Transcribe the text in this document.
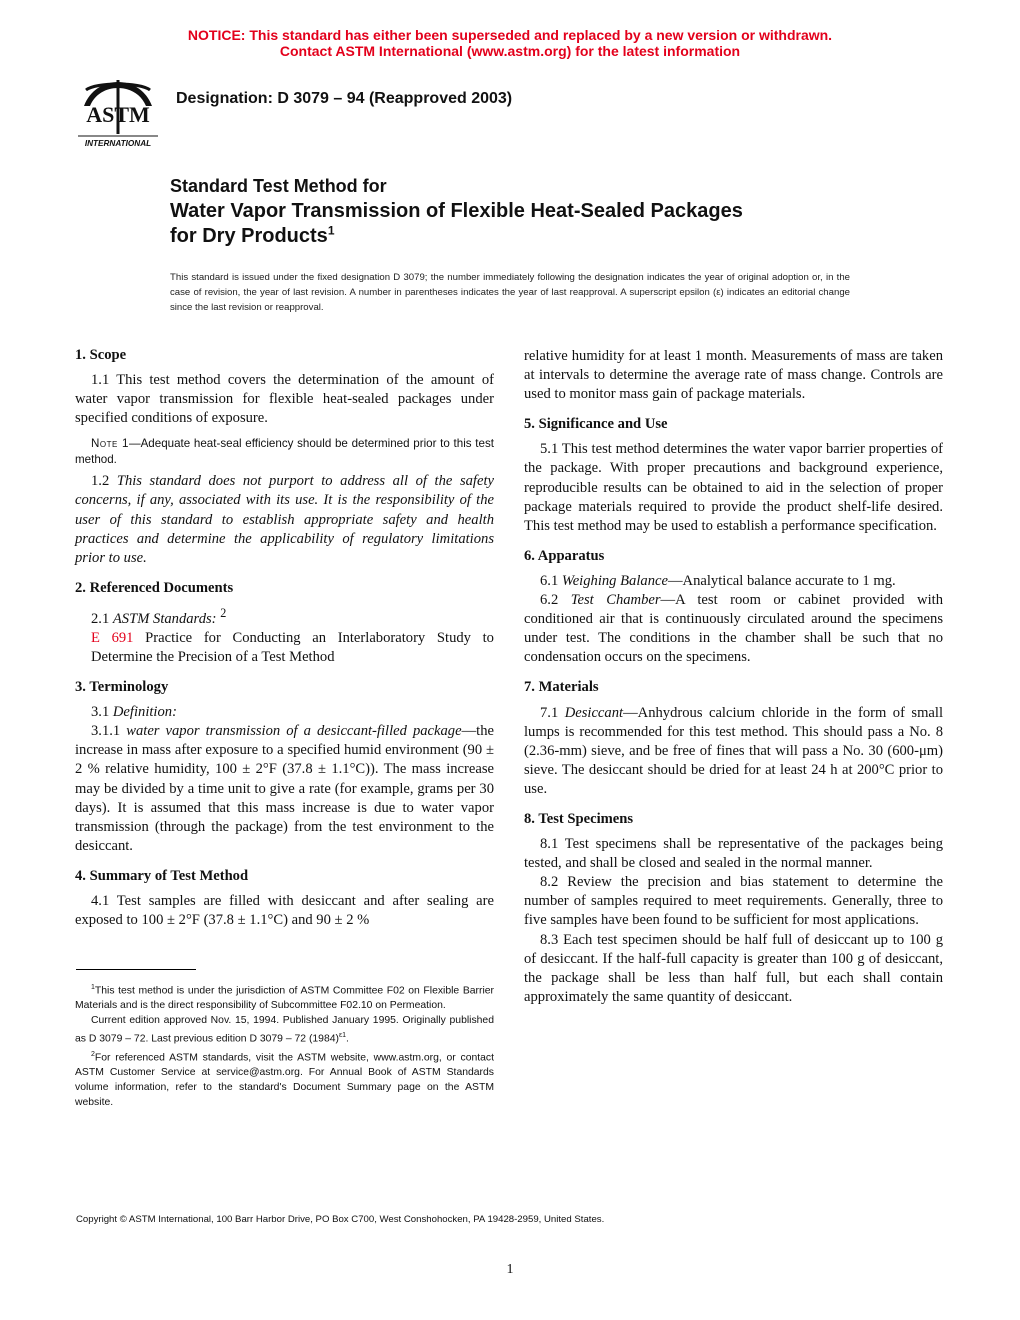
NOTICE: This standard has either been superseded and replaced by a new version or withdrawn.
Contact ASTM International (www.astm.org) for the latest information
ASTM
INTERNATIONAL
Designation: D 3079 – 94 (Reapproved 2003)
Standard Test Method for
Water Vapor Transmission of Flexible Heat-Sealed Packages
for Dry Products$^1$
This standard is issued under the fixed designation D 3079; the number immediately following the designation indicates the year of original adoption or, in the case of revision, the year of last revision. A number in parentheses indicates the year of last reapproval. A superscript epsilon (ε) indicates an editorial change since the last revision or reapproval.

1. Scope

1.1 This test method covers the determination of the amount of water vapor transmission for flexible heat-sealed packages under specified conditions of exposure.

Note 1—Adequate heat-seal efficiency should be determined prior to this test method.

1.2 This standard does not purport to address all of the safety concerns, if any, associated with its use. It is the responsibility of the user of this standard to establish appropriate safety and health practices and determine the applicability of regulatory limitations prior to use.

2. Referenced Documents

2.1 ASTM Standards: $^2$

E 691 Practice for Conducting an Interlaboratory Study to Determine the Precision of a Test Method

3. Terminology

3.1 Definition:

3.1.1 water vapor transmission of a desiccant-filled package—the increase in mass after exposure to a specified humid environment (90 ± 2 % relative humidity, 100 ± 2°F (37.8 ± 1.1°C)). The mass increase may be divided by a time unit to give a rate (for example, grams per 30 days). It is assumed that this mass increase is due to water vapor transmission (through the package) from the test environment to the desiccant.

4. Summary of Test Method

4.1 Test samples are filled with desiccant and after sealing are exposed to 100 ± 2°F (37.8 ± 1.1°C) and 90 ± 2 %

$^1$This test method is under the jurisdiction of ASTM Committee F02 on Flexible Barrier Materials and is the direct responsibility of Subcommittee F02.10 on Permeation.

Current edition approved Nov. 15, 1994. Published January 1995. Originally published as D 3079 – 72. Last previous edition D 3079 – 72 $(1984)^{\varepsilon 1}$.

$^2$For referenced ASTM standards, visit the ASTM website, www.astm.org, or contact ASTM Customer Service at service@astm.org. For Annual Book of ASTM Standards volume information, refer to the standard's Document Summary page on the ASTM website.

relative humidity for at least 1 month. Measurements of mass are taken at intervals to determine the average rate of mass change. Controls are used to monitor mass gain of package materials.

5. Significance and Use

5.1 This test method determines the water vapor barrier properties of the package. With proper precautions and background experience, reproducible results can be obtained to aid in the selection of proper package materials required to provide the product shelf-life desired. This test method may be used to establish a performance specification.

6. Apparatus

6.1 Weighing Balance—Analytical balance accurate to 1 mg.

6.2 Test Chamber—A test room or cabinet provided with conditioned air that is continuously circulated around the specimens under test. The conditions in the chamber shall be such that no condensation occurs on the specimens.

7. Materials

7.1 Desiccant—Anhydrous calcium chloride in the form of small lumps is recommended for this test method. This should pass a No. 8 (2.36-mm) sieve, and be free of fines that will pass a No. 30 (600-μm) sieve. The desiccant should be dried for at least 24 h at 200°C prior to use.

8. Test Specimens

8.1 Test specimens shall be representative of the packages being tested, and shall be closed and sealed in the normal manner.

8.2 Review the precision and bias statement to determine the number of samples required to meet requirements. Generally, three to five samples have been found to be sufficient for most applications.

8.3 Each test specimen should be half full of desiccant up to 100 g of desiccant. If the half-full capacity is greater than 100 g of desiccant, the package shall be less than half full, but each shall contain approximately the same quantity of desiccant.

Copyright © ASTM International, 100 Barr Harbor Drive, PO Box C700, West Conshohocken, PA 19428-2959, United States.
1
